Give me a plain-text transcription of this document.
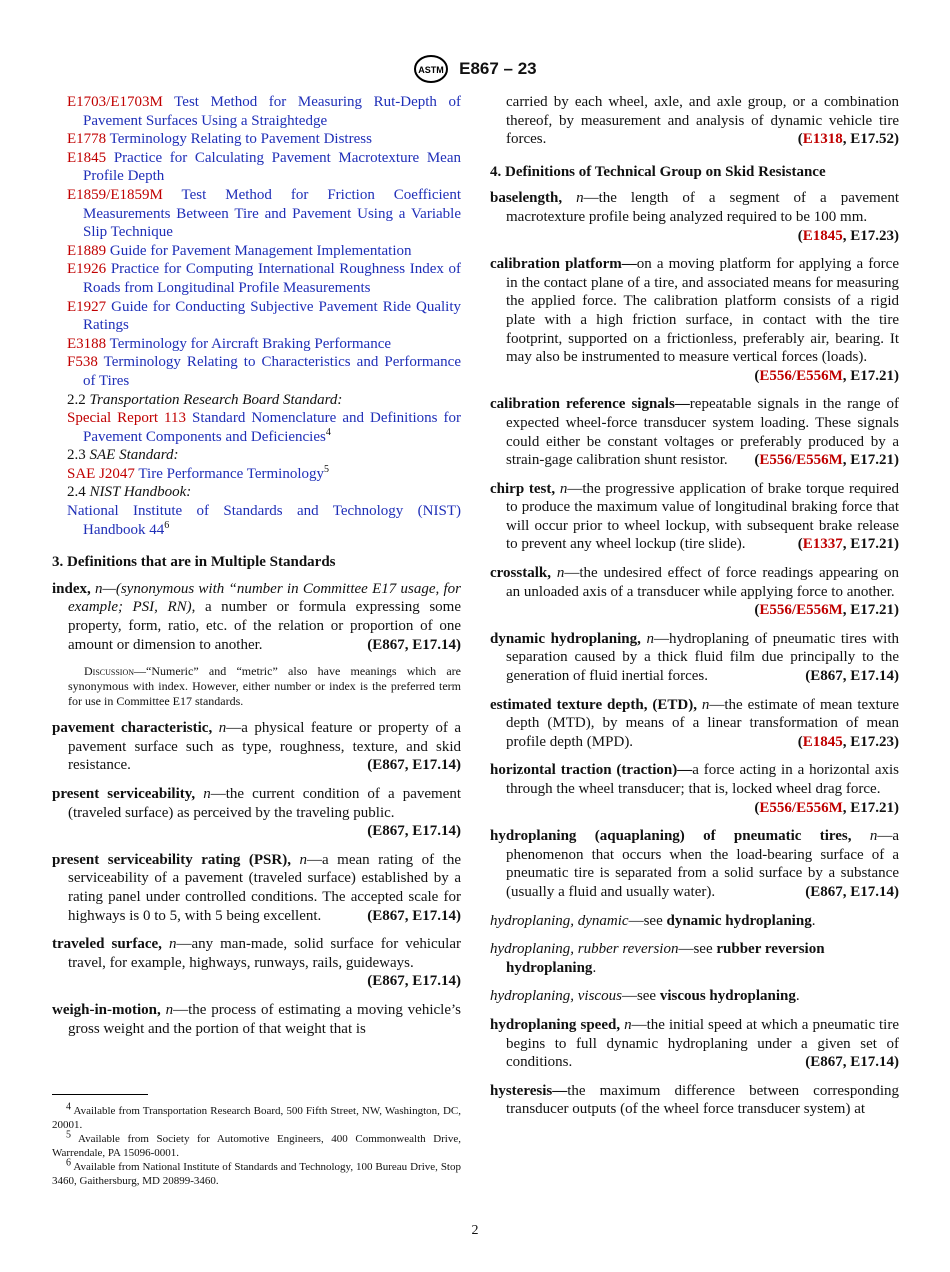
ASTM E867 – 23
E1703/E1703M Test Method for Measuring Rut-Depth of Pavement Surfaces Using a Straightedge
E1778 Terminology Relating to Pavement Distress
E1845 Practice for Calculating Pavement Macrotexture Mean Profile Depth
E1859/E1859M Test Method for Friction Coefficient Measurements Between Tire and Pavement Using a Variable Slip Technique
E1889 Guide for Pavement Management Implementation
E1926 Practice for Computing International Roughness Index of Roads from Longitudinal Profile Measurements
E1927 Guide for Conducting Subjective Pavement Ride Quality Ratings
E3188 Terminology for Aircraft Braking Performance
F538 Terminology Relating to Characteristics and Performance of Tires
2.2 Transportation Research Board Standard:
Special Report 113 Standard Nomenclature and Definitions for Pavement Components and Deficiencies$^4$
2.3 SAE Standard:
SAE J2047 Tire Performance Terminology$^5$
2.4 NIST Handbook:
National Institute of Standards and Technology (NIST) Handbook $44^6$
3. Definitions that are in Multiple Standards
index, n—(synonymous with “number in Committee E17 usage, for example; PSI, RN), a number or formula expressing some property, form, ratio, etc. of the relation or proportion of one amount or dimension to another.	(E867, E17.14)
Discussion—“Numeric” and “metric” also have meanings which are synonymous with index. However, either number or index is the preferred term for use in Committee E17 standards.
pavement characteristic, n—a physical feature or property of a pavement surface such as type, roughness, texture, and skid resistance.	(E867, E17.14)
present serviceability, n—the current condition of a pavement (traveled surface) as perceived by the traveling public.
(E867, E17.14)
present serviceability rating (PSR), n—a mean rating of the serviceability of a pavement (traveled surface) established by a rating panel under controlled conditions. The accepted scale for highways is 0 to 5, with 5 being excellent.	(E867, E17.14)
traveled surface, n—any man-made, solid surface for vehicular travel, for example, highways, runways, rails, guideways.
(E867, E17.14)
weigh-in-motion, n—the process of estimating a moving vehicle’s gross weight and the portion of that weight that is
carried by each wheel, axle, and axle group, or a combination thereof, by measurement and analysis of dynamic vehicle tire forces.	(E1318, E17.52)
4. Definitions of Technical Group on Skid Resistance
baselength, n—the length of a segment of a pavement macrotexture profile being analyzed required to be 100 mm.
(E1845, E17.23)
calibration platform—on a moving platform for applying a force in the contact plane of a tire, and associated means for measuring the applied force. The calibration platform consists of a rigid plate with a high friction surface, in contact with the tire footprint, supported on a frictionless, preferably air, bearing. It may also be instrumented to measure vertical forces (loads).
(E556/E556M, E17.21)
calibration reference signals—repeatable signals in the range of expected wheel-force transducer system loading. These signals could either be constant voltages or preferably produced by a strain-gage calibration shunt resistor. (E556/E556M, E17.21)
chirp test, n—the progressive application of brake torque required to produce the maximum value of longitudinal braking force that will occur prior to wheel lockup, with subsequent brake release to prevent any wheel lockup (tire slide).	(E1337, E17.21)
crosstalk, n—the undesired effect of force readings appearing on an unloaded axis of a transducer while applying force to another.
(E556/E556M, E17.21)
dynamic hydroplaning, n—hydroplaning of pneumatic tires with separation caused by a thick fluid film due principally to the generation of fluid inertial forces.	(E867, E17.14)
estimated texture depth, (ETD), n—the estimate of mean texture depth (MTD), by means of a linear transformation of mean profile depth (MPD).	(E1845, E17.23)
horizontal traction (traction)—a force acting in a horizontal axis through the wheel transducer; that is, locked wheel drag force.
(E556/E556M, E17.21)
hydroplaning (aquaplaning) of pneumatic tires, n—a phenomenon that occurs when the load-bearing surface of a pneumatic tire is separated from a solid surface by a substance (usually a fluid and usually water).	(E867, E17.14)
hydroplaning, dynamic—see dynamic hydroplaning.
hydroplaning, rubber reversion—see rubber reversion hydroplaning.
hydroplaning, viscous—see viscous hydroplaning.
hydroplaning speed, n—the initial speed at which a pneumatic tire begins to full dynamic hydroplaning under a given set of conditions.	(E867, E17.14)
hysteresis—the maximum difference between corresponding transducer outputs (of the wheel force transducer system) at

$^4$ Available from Transportation Research Board, 500 Fifth Street, NW, Washington, DC, 20001.

$^5$ Available from Society for Automotive Engineers, 400 Commonwealth Drive, Warrendale, PA 15096-0001.

$^6$ Available from National Institute of Standards and Technology, 100 Bureau Drive, Stop 3460, Gaithersburg, MD 20899-3460.

2
